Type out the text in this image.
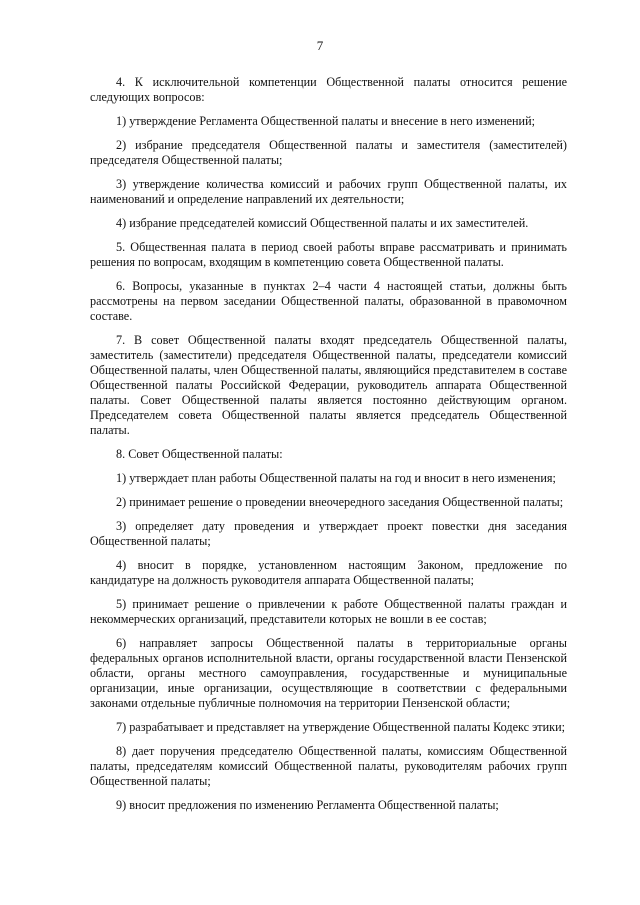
7

4. К исключительной компетенции Общественной палаты относится решение следующих вопросов:

1) утверждение Регламента Общественной палаты и внесение в него изменений;

2) избрание председателя Общественной палаты и заместителя (заместителей) председателя Общественной палаты;

3) утверждение количества комиссий и рабочих групп Общественной палаты, их наименований и определение направлений их деятельности;

4) избрание председателей комиссий Общественной палаты и их заместителей.

5. Общественная палата в период своей работы вправе рассматривать и принимать решения по вопросам, входящим в компетенцию совета Общественной палаты.

6. Вопросы, указанные в пунктах 2–4 части 4 настоящей статьи, должны быть рассмотрены на первом заседании Общественной палаты, образованной в правомочном составе.

7. В совет Общественной палаты входят председатель Общественной палаты, заместитель (заместители) председателя Общественной палаты, председатели комиссий Общественной палаты, член Общественной палаты, являющийся представителем в составе Общественной палаты Российской Федерации, руководитель аппарата Общественной палаты. Совет Общественной палаты является постоянно действующим органом. Председателем совета Общественной палаты является председатель Общественной палаты.

8. Совет Общественной палаты:

1) утверждает план работы Общественной палаты на год и вносит в него изменения;

2) принимает решение о проведении внеочередного заседания Общественной палаты;

3) определяет дату проведения и утверждает проект повестки дня заседания Общественной палаты;

4) вносит в порядке, установленном настоящим Законом, предложение по кандидатуре на должность руководителя аппарата Общественной палаты;

5) принимает решение о привлечении к работе Общественной палаты граждан и некоммерческих организаций, представители которых не вошли в ее состав;

6) направляет запросы Общественной палаты в территориальные органы федеральных органов исполнительной власти, органы государственной власти Пензенской области, органы местного самоуправления, государственные и муниципальные организации, иные организации, осуществляющие в соответствии с федеральными законами отдельные публичные полномочия на территории Пензенской области;

7) разрабатывает и представляет на утверждение Общественной палаты Кодекс этики;

8) дает поручения председателю Общественной палаты, комиссиям Общественной палаты, председателям комиссий Общественной палаты, руководителям рабочих групп Общественной палаты;

9) вносит предложения по изменению Регламента Общественной палаты;
